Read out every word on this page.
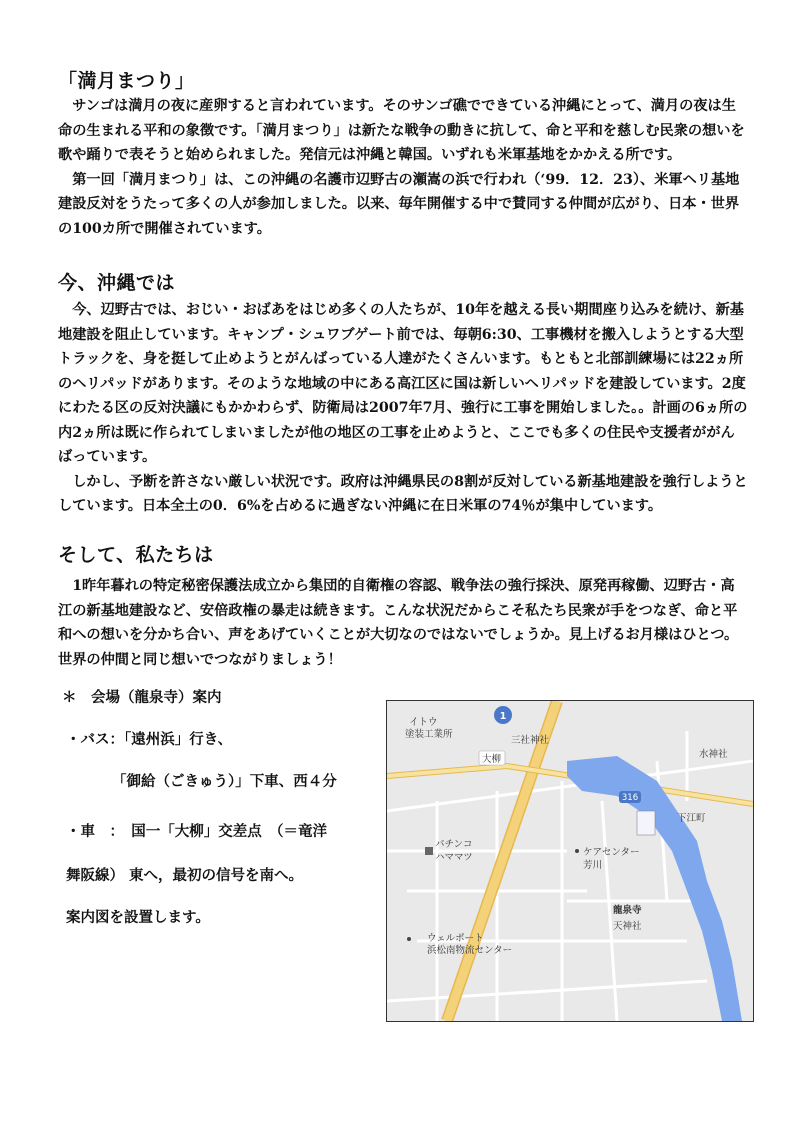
「満月まつり」

サンゴは満月の夜に産卵すると言われています。そのサンゴ礁でできている沖縄にとって、満月の夜は生命の生まれる平和の象徴です。「満月まつり」は新たな戦争の動きに抗して、命と平和を慈しむ民衆の想いを歌や踊りで表そうと始められました。発信元は沖縄と韓国。いずれも米軍基地をかかえる所です。

第一回「満月まつり」は、この沖縄の名護市辺野古の瀬嵩の浜で行われ（‘99．12．23）、米軍ヘリ基地建設反対をうたって多くの人が参加しました。以来、毎年開催する中で賛同する仲間が広がり、日本・世界の100カ所で開催されています。

今、沖縄では

今、辺野古では、おじい・おばあをはじめ多くの人たちが、10年を越える長い期間座り込みを続け、新基地建設を阻止しています。キャンプ・シュワブゲート前では、毎朝6:30、工事機材を搬入しようとする大型トラックを、身を挺して止めようとがんばっている人達がたくさんいます。もともと北部訓練場には22ヵ所のヘリパッドがあります。そのような地域の中にある高江区に国は新しいヘリパッドを建設しています。2度にわたる区の反対決議にもかかわらず、防衛局は2007年7月、強行に工事を開始しました。。計画の6ヵ所の内2ヵ所は既に作られてしまいましたが他の地区の工事を止めようと、ここでも多くの住民や支援者ががんばっています。

しかし、予断を許さない厳しい状況です。政府は沖縄県民の8割が反対している新基地建設を強行しようとしています。日本全土の0．6%を占めるに過ぎない沖縄に在日米軍の74％が集中しています。

そして、私たちは

1昨年暮れの特定秘密保護法成立から集団的自衛権の容認、戦争法の強行採決、原発再稼働、辺野古・高江の新基地建設など、安倍政権の暴走は続きます。こんな状況だからこそ私たち民衆が手をつなぎ、命と平和への想いを分かち合い、声をあげていくことが大切なのではないでしょうか。見上げるお月様はひとつ。世界の仲間と同じ想いでつながりましょう！

＊　会場（龍泉寺）案内
・バス：「遠州浜」行き、
「御給（ごきゅう）」下車、西４分
・車　：　国一「大柳」交差点　（＝竜洋
舞阪線） 東へ，最初の信号を南へ。
案内図を設置します。
1
316
イトウ
塗装工業所
三社神社
大柳	水神社
下江町
パチンコ
ハママツ	ケアセンター
芳川
龍泉寺
天神社
ウェルポート
浜松南物流センター
